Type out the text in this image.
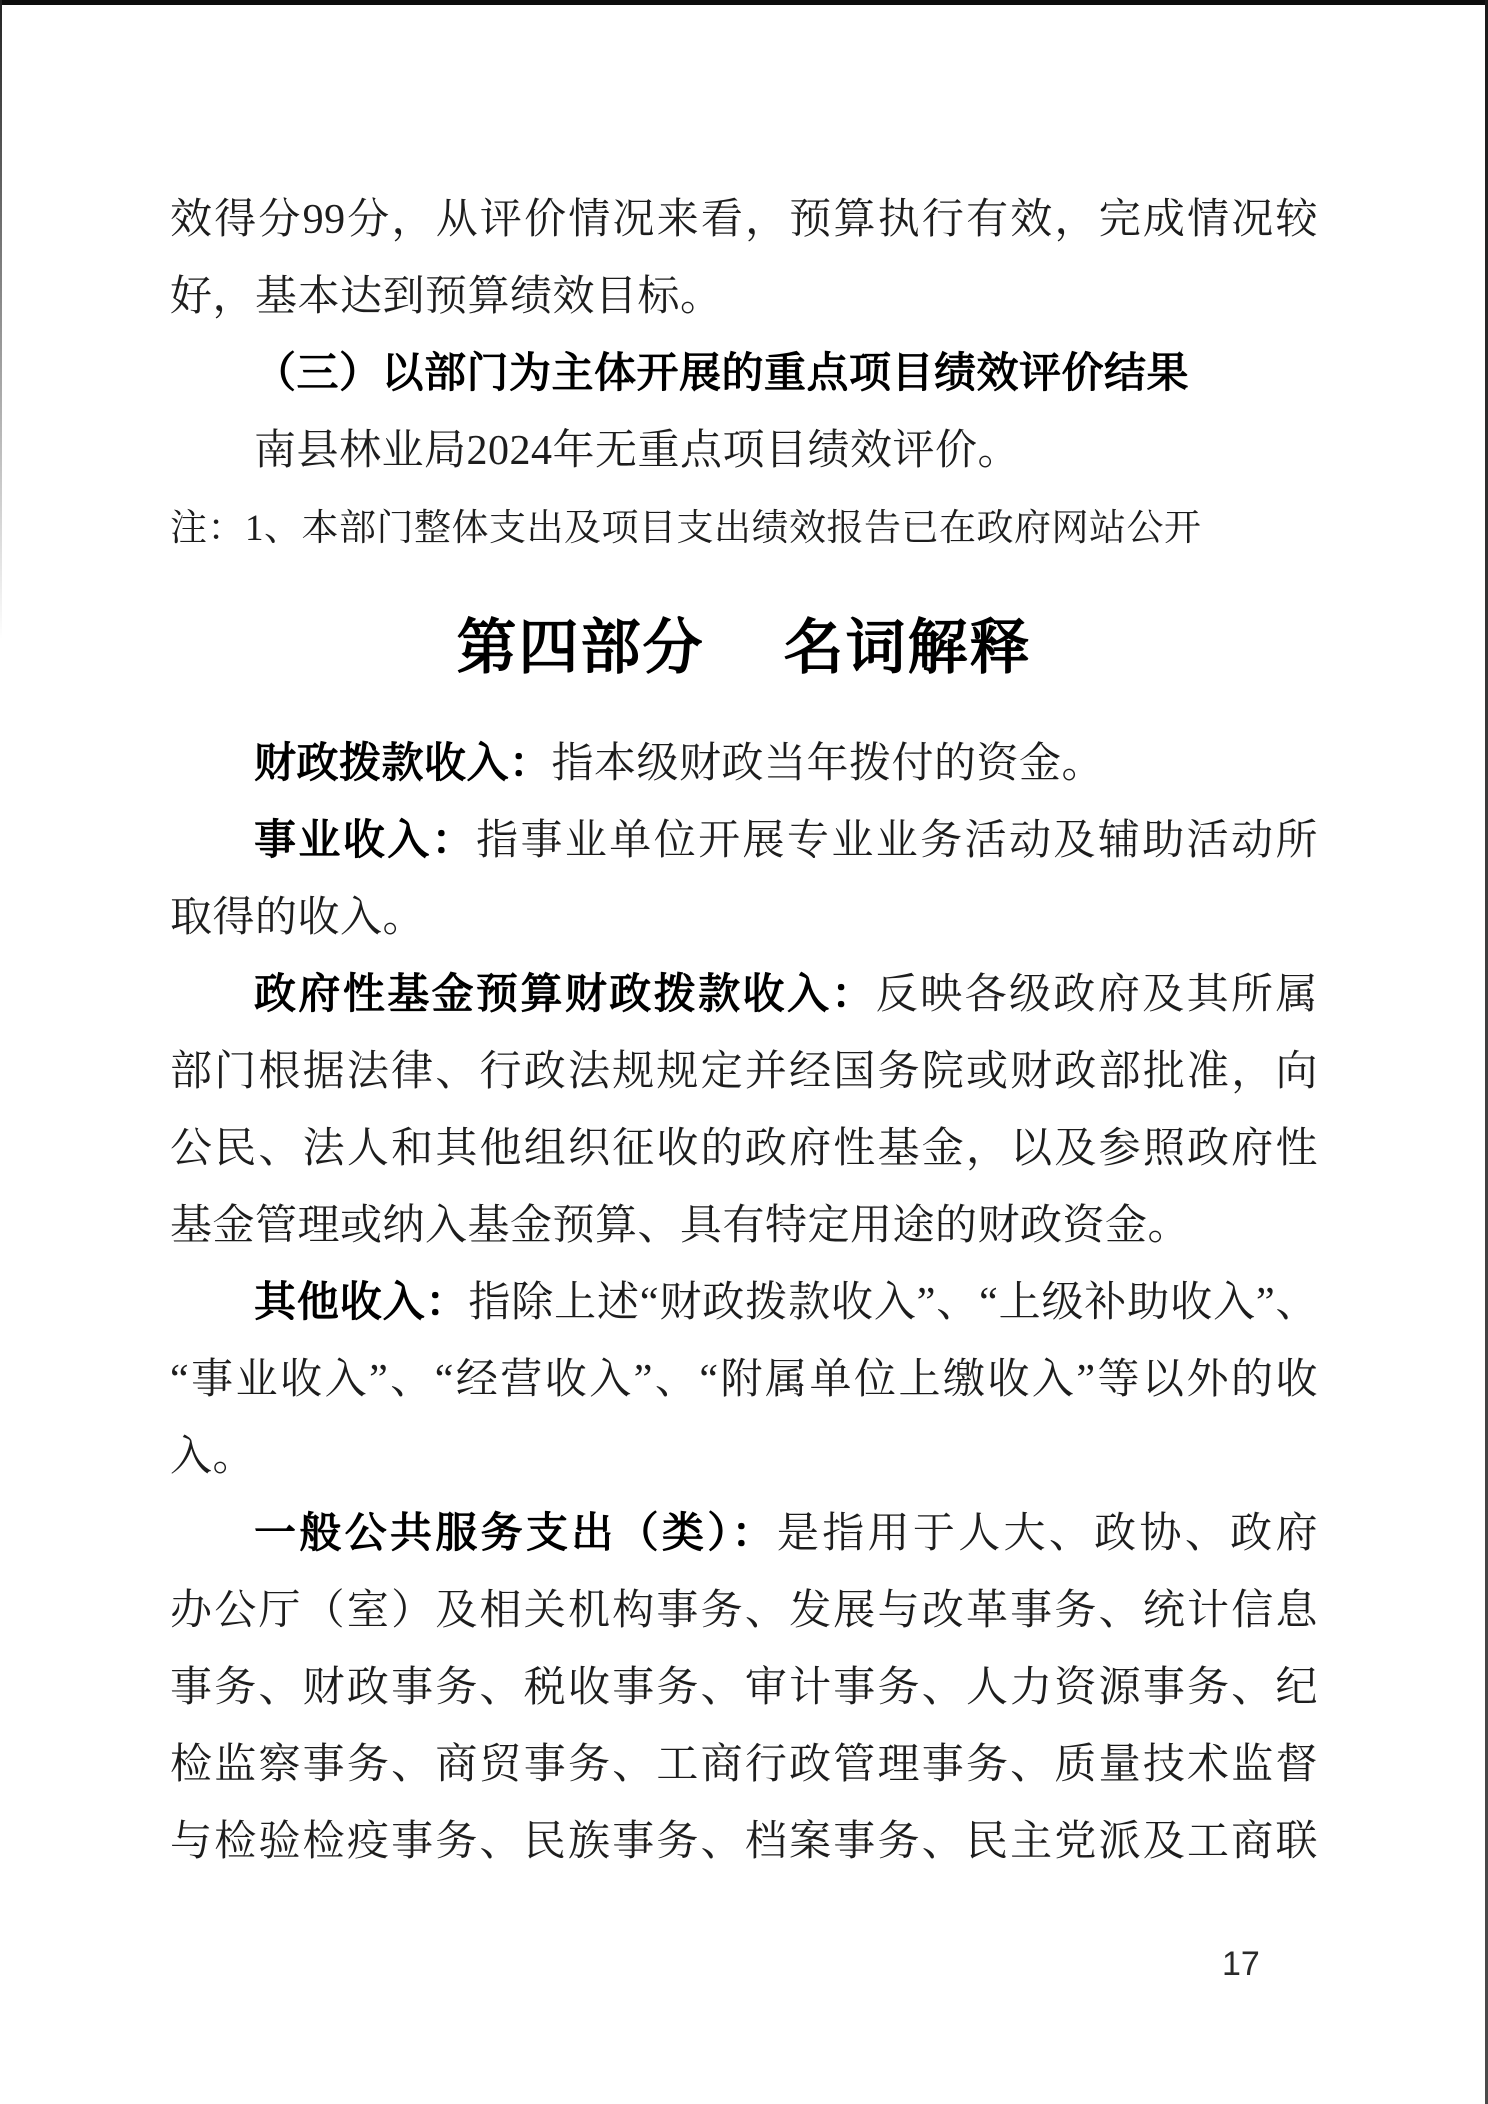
效得分99分，从评价情况来看，预算执行有效，完成情况较
好，基本达到预算绩效目标。
（三）以部门为主体开展的重点项目绩效评价结果
南县林业局2024年无重点项目绩效评价。
注：1、本部门整体支出及项目支出绩效报告已在政府网站公开
第四部分　 名词解释
财政拨款收入：指本级财政当年拨付的资金。
事业收入：指事业单位开展专业业务活动及辅助活动所
取得的收入。
政府性基金预算财政拨款收入：反映各级政府及其所属
部门根据法律、行政法规规定并经国务院或财政部批准，向
公民、法人和其他组织征收的政府性基金，以及参照政府性
基金管理或纳入基金预算、具有特定用途的财政资金。
其他收入：指除上述“财政拨款收入”、“上级补助收入”、
“事业收入”、“经营收入”、“附属单位上缴收入”等以外的收
入。
一般公共服务支出（类）：是指用于人大、政协、政府
办公厅（室）及相关机构事务、发展与改革事务、统计信息
事务、财政事务、税收事务、审计事务、人力资源事务、纪
检监察事务、商贸事务、工商行政管理事务、质量技术监督
与检验检疫事务、民族事务、档案事务、民主党派及工商联
17
